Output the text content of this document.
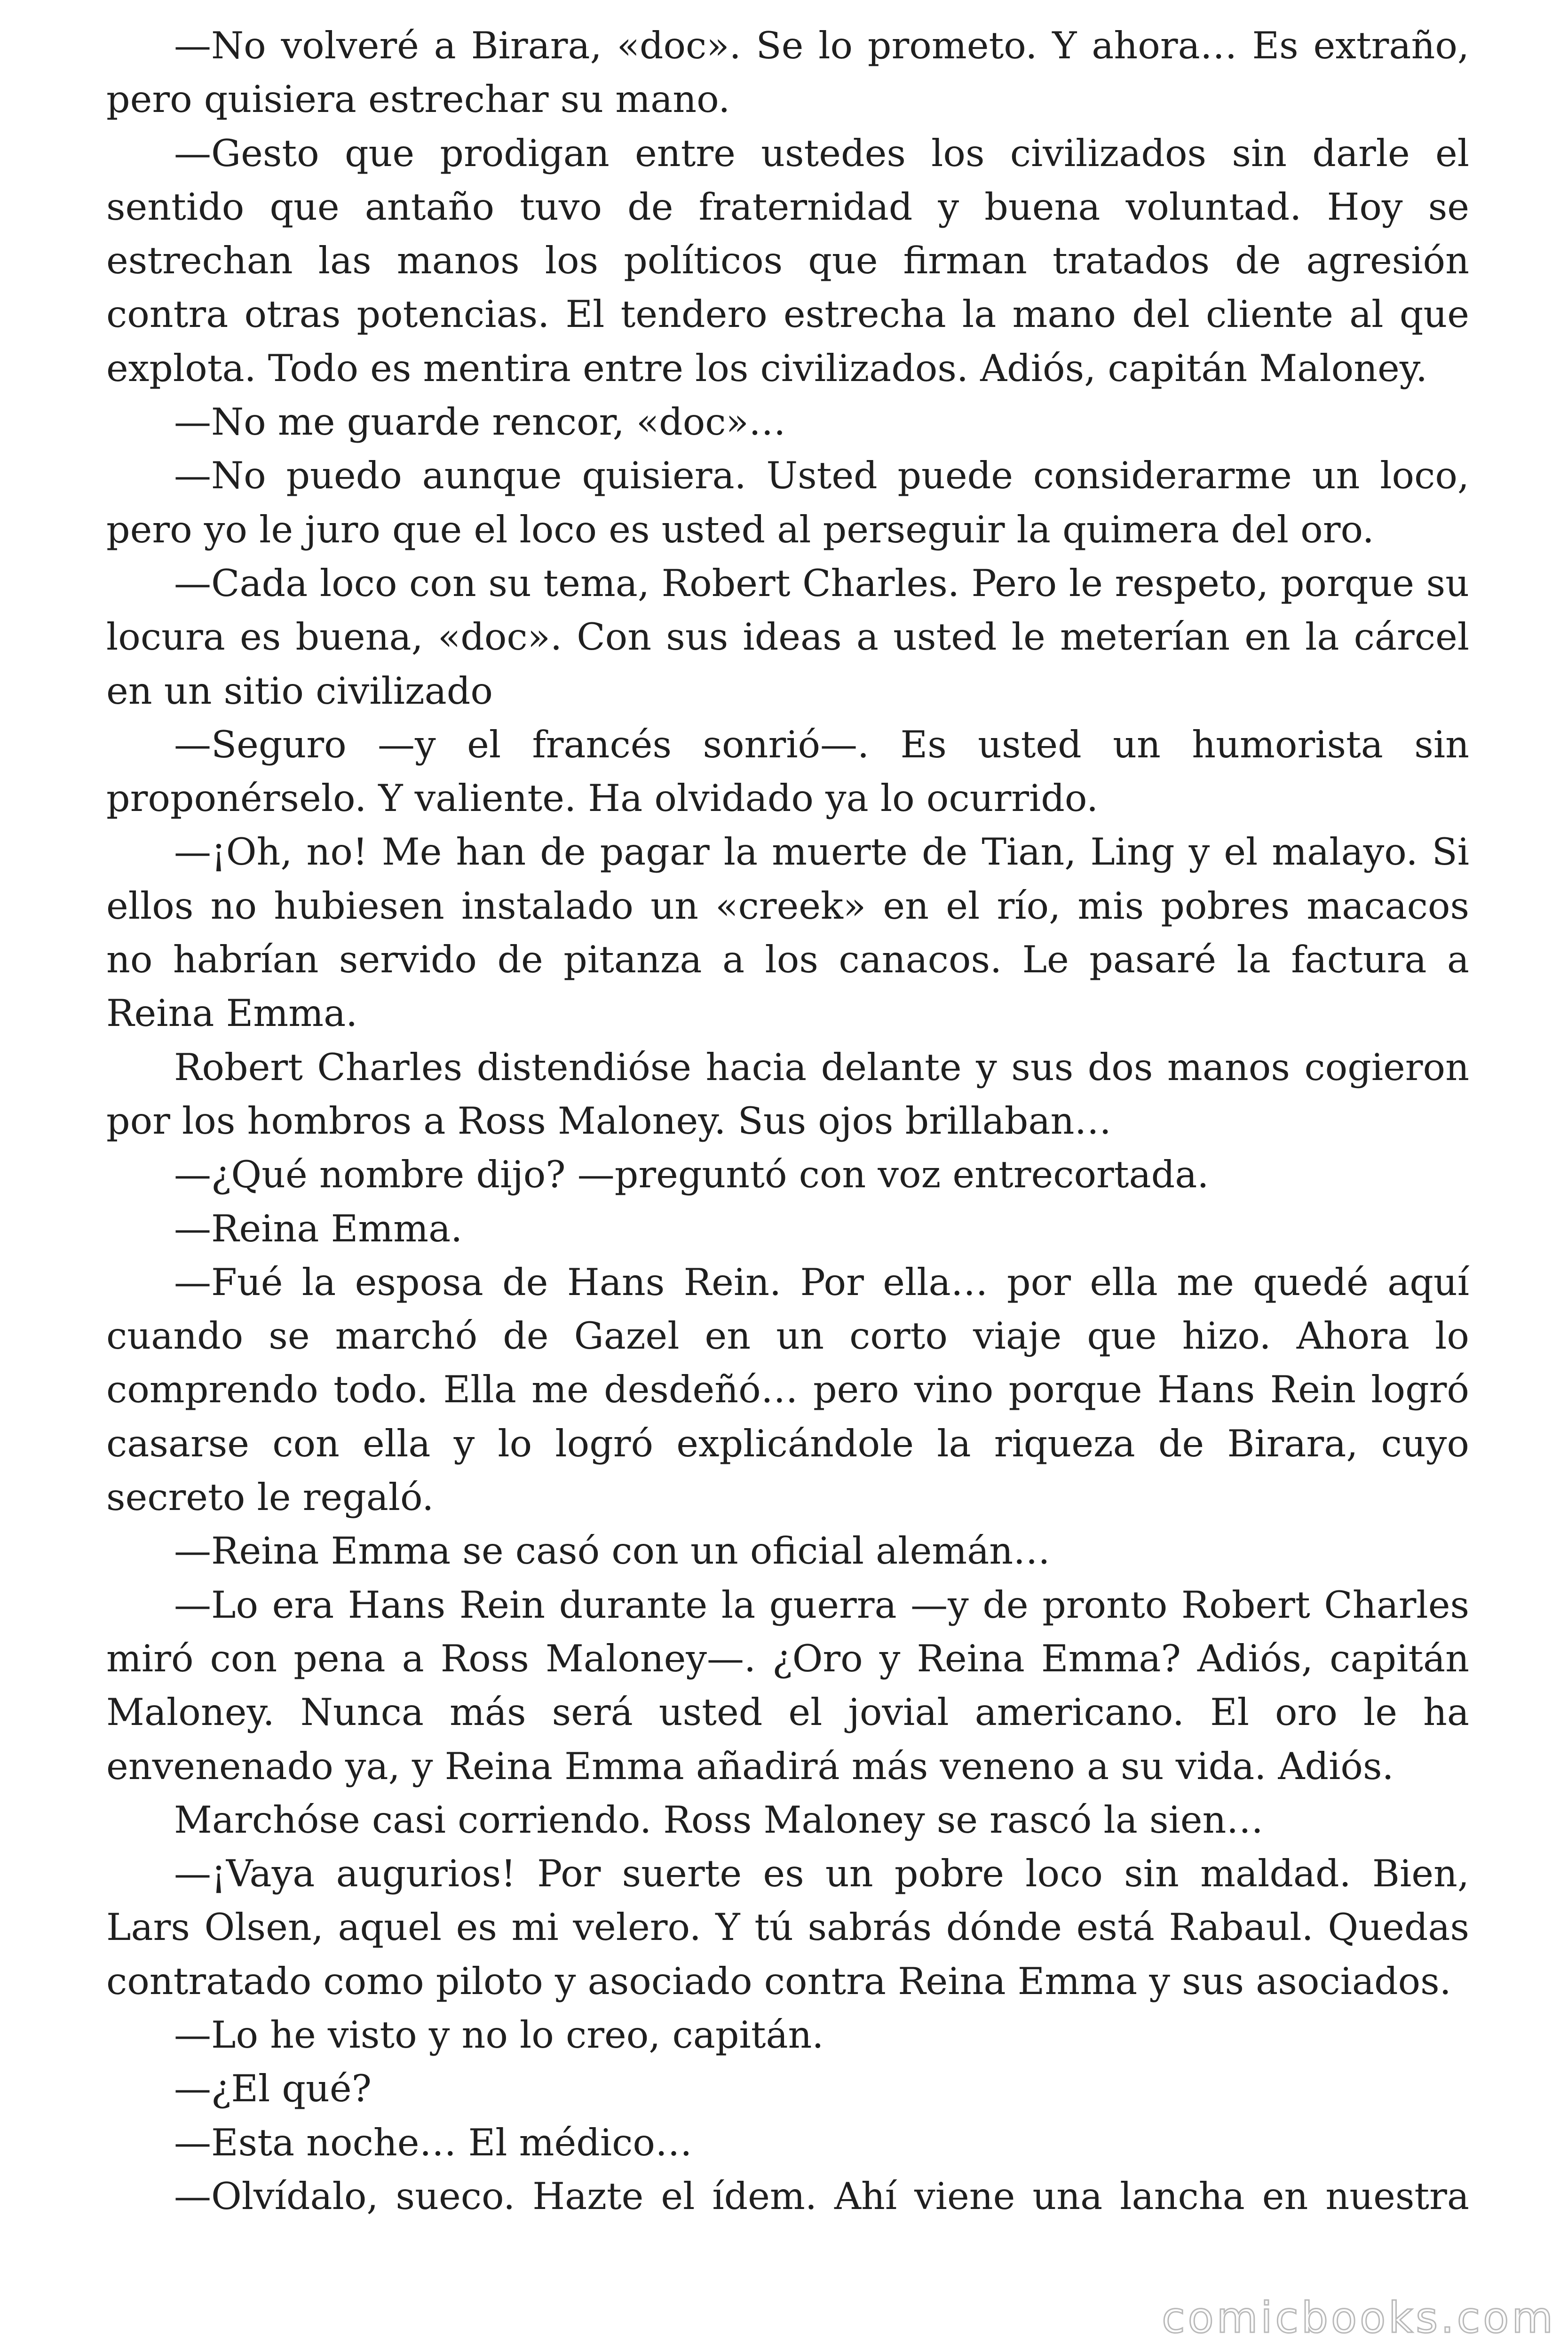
—No volveré a Birara, «doc». Se lo prometo. Y ahora… Es extraño, pero quisiera estrechar su mano.

—Gesto que prodigan entre ustedes los civilizados sin darle el sentido que antaño tuvo de fraternidad y buena voluntad. Hoy se estrechan las manos los políticos que firman tratados de agresión contra otras potencias. El tendero estrecha la mano del cliente al que explota. Todo es mentira entre los civilizados. Adiós, capitán Maloney.

—No me guarde rencor, «doc»…

—No puedo aunque quisiera. Usted puede considerarme un loco, pero yo le juro que el loco es usted al perseguir la quimera del oro.

—Cada loco con su tema, Robert Charles. Pero le respeto, porque su locura es buena, «doc». Con sus ideas a usted le meterían en la cárcel en un sitio civilizado

—Seguro —y el francés sonrió—. Es usted un humorista sin proponérselo. Y valiente. Ha olvidado ya lo ocurrido.

—¡Oh, no! Me han de pagar la muerte de Tian, Ling y el malayo. Si ellos no hubiesen instalado un «creek» en el río, mis pobres macacos no habrían servido de pitanza a los canacos. Le pasaré la factura a Reina Emma.

Robert Charles distendióse hacia delante y sus dos manos cogieron por los hombros a Ross Maloney. Sus ojos brillaban…

—¿Qué nombre dijo? —preguntó con voz entrecortada.

—Reina Emma.

—Fué la esposa de Hans Rein. Por ella… por ella me quedé aquí cuando se marchó de Gazel en un corto viaje que hizo. Ahora lo comprendo todo. Ella me desdeñó… pero vino porque Hans Rein logró casarse con ella y lo logró explicándole la riqueza de Birara, cuyo secreto le regaló.

—Reina Emma se casó con un oficial alemán…

—Lo era Hans Rein durante la guerra —y de pronto Robert Charles miró con pena a Ross Maloney—. ¿Oro y Reina Emma? Adiós, capitán Maloney. Nunca más será usted el jovial americano. El oro le ha envenenado ya, y Reina Emma añadirá más veneno a su vida. Adiós.

Marchóse casi corriendo. Ross Maloney se rascó la sien…

—¡Vaya augurios! Por suerte es un pobre loco sin maldad. Bien, Lars Olsen, aquel es mi velero. Y tú sabrás dónde está Rabaul. Quedas contratado como piloto y asociado contra Reina Emma y sus asociados.

—Lo he visto y no lo creo, capitán.

—¿El qué?

—Esta noche… El médico…

—Olvídalo, sueco. Hazte el ídem. Ahí viene una lancha en nuestra

comicbooks.com
